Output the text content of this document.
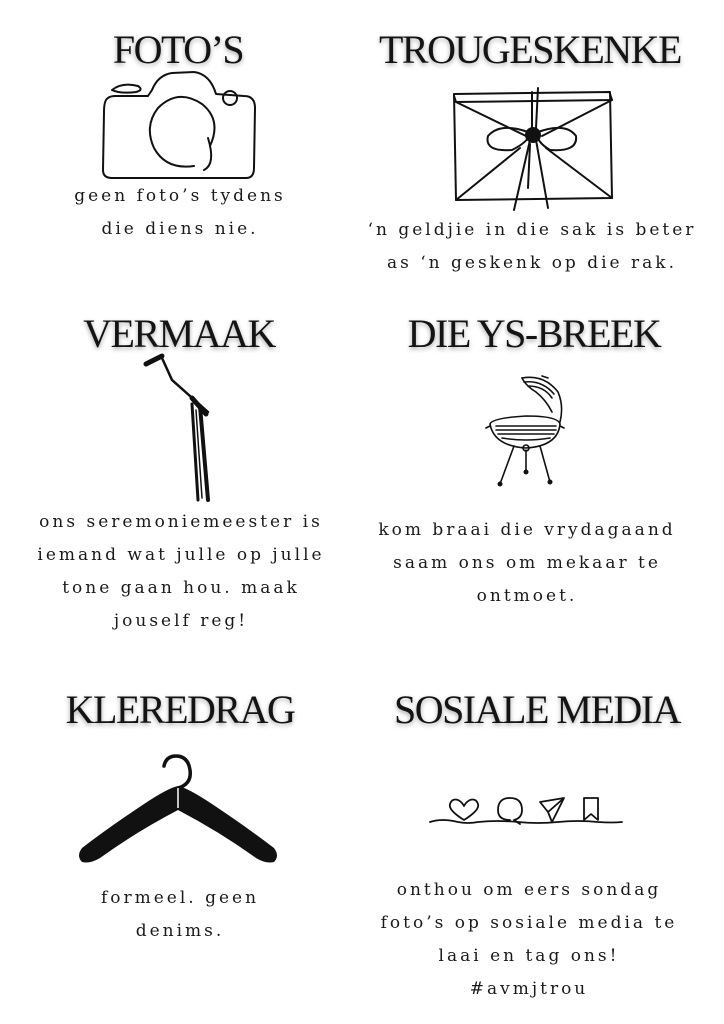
FOTO’S

geen foto’s tydens
die diens nie.

TROUGESKENKE

‘n geldjie in die sak is beter
as ‘n geskenk op die rak.

VERMAAK

ons seremoniemeester is
iemand wat julle op julle
tone gaan hou. maak
jouself reg!

DIE YS-BREEK

kom braai die vrydagaand
saam ons om mekaar te
ontmoet.

KLEREDRAG

formeel. geen
denims.

SOSIALE MEDIA

onthou om eers sondag
foto’s op sosiale media te
laai en tag ons!
#avmjtrou
